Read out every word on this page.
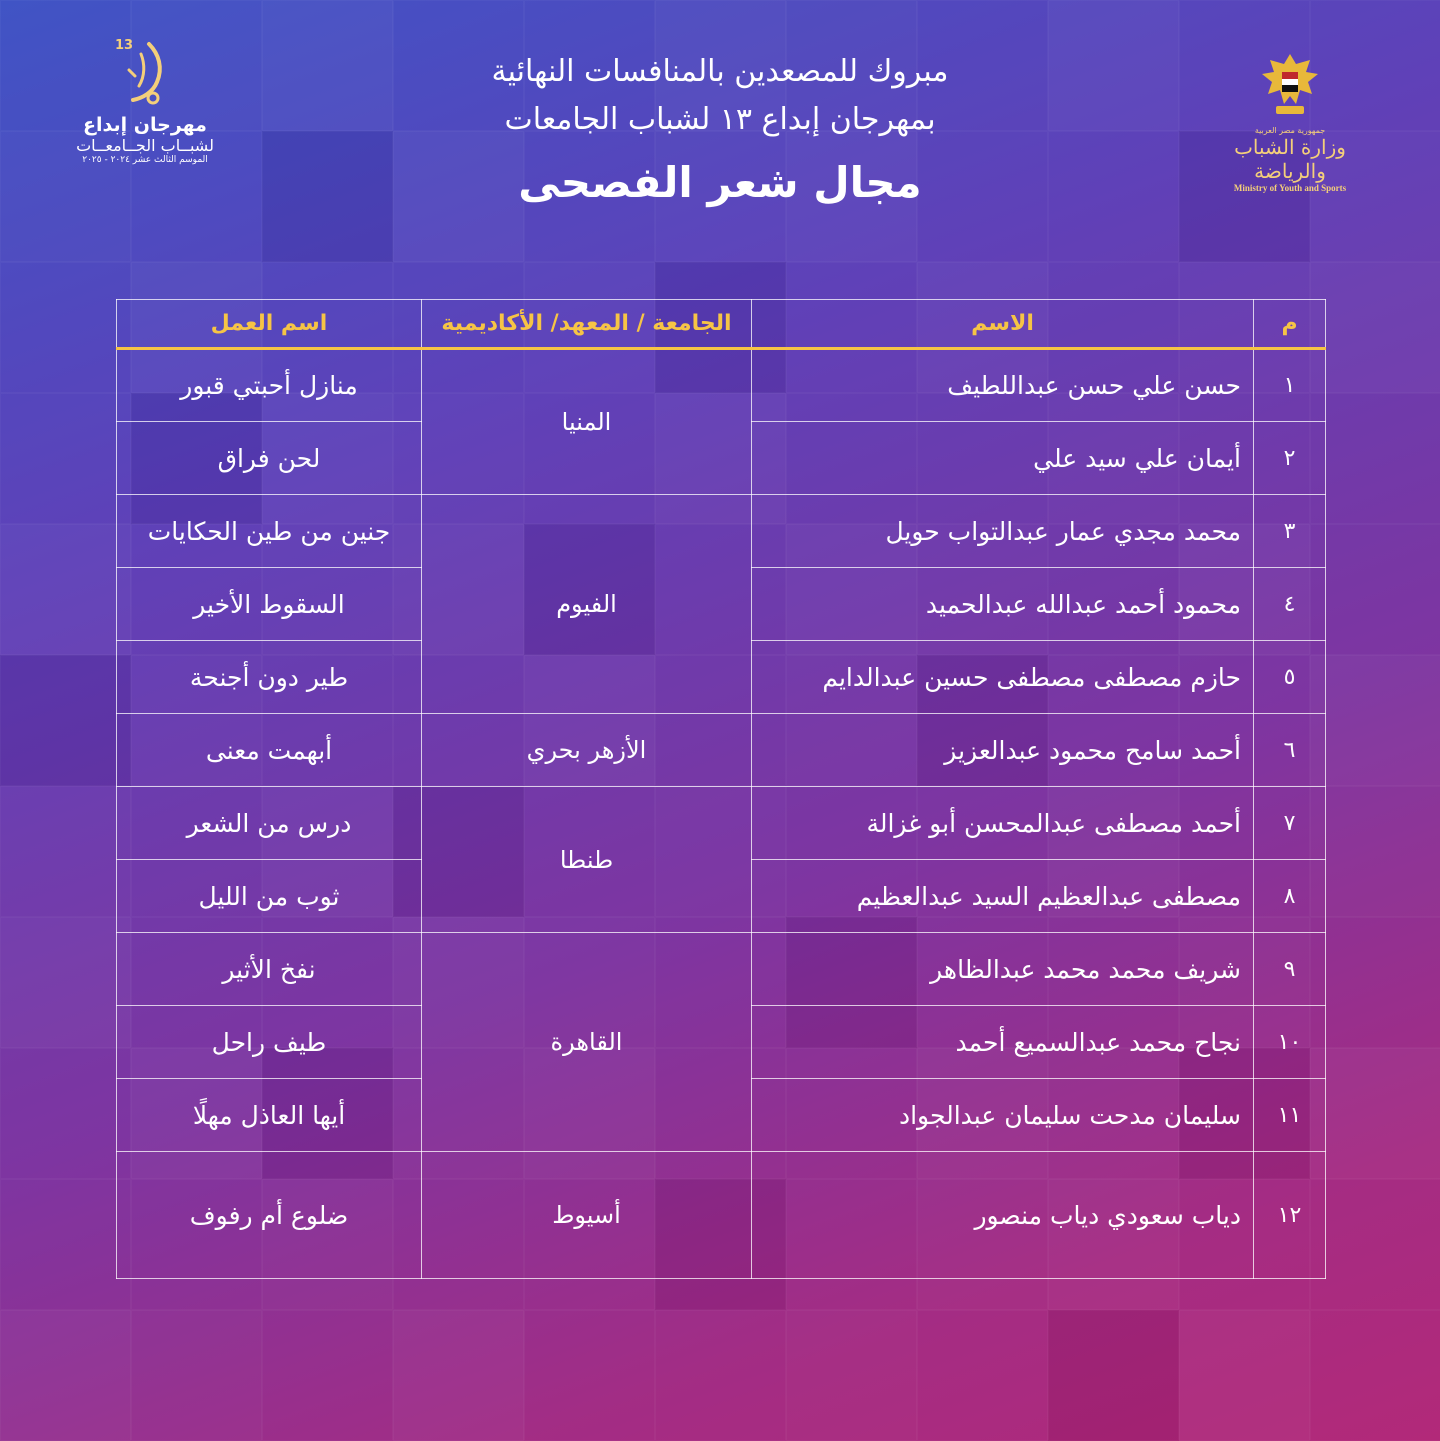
13
مهرجان إبداع
لشبــاب الجــامعــات
الموسم الثالث عشر ٢٠٢٤ - ٢٠٢٥
مبروك للمصعدين بالمنافسات النهائية
بمهرجان إبداع ١٣ لشباب الجامعات
مجال شعر الفصحى
جمهورية مصر العربية
وزارة الشباب والرياضة
Ministry of Youth and Sports
م	الاسم	الجامعة / المعهد/ الأكاديمية	اسم العمل
١	حسن علي حسن عبداللطيف	المنيا	منازل أحبتي قبور
٢	أيمان علي سيد علي		لحن فراق
٣	محمد مجدي عمار عبدالتواب حويل	الفيوم	جنين من طين الحكايات
٤	محمود أحمد عبدالله عبدالحميد		السقوط الأخير
٥	حازم مصطفى مصطفى حسين عبدالدايم		طير دون أجنحة
٦	أحمد سامح محمود عبدالعزيز	الأزهر بحري	أبهمت معنى
٧	أحمد مصطفى عبدالمحسن أبو غزالة	طنطا	درس من الشعر
٨	مصطفى عبدالعظيم السيد عبدالعظيم		ثوب من الليل
٩	شريف محمد محمد عبدالظاهر	القاهرة	نفخ الأثير
١٠	نجاح محمد عبدالسميع أحمد		طيف راحل
١١	سليمان مدحت سليمان عبدالجواد		أيها العاذل مهلًا
١٢	دياب سعودي دياب منصور	أسيوط	ضلوع أم رفوف
